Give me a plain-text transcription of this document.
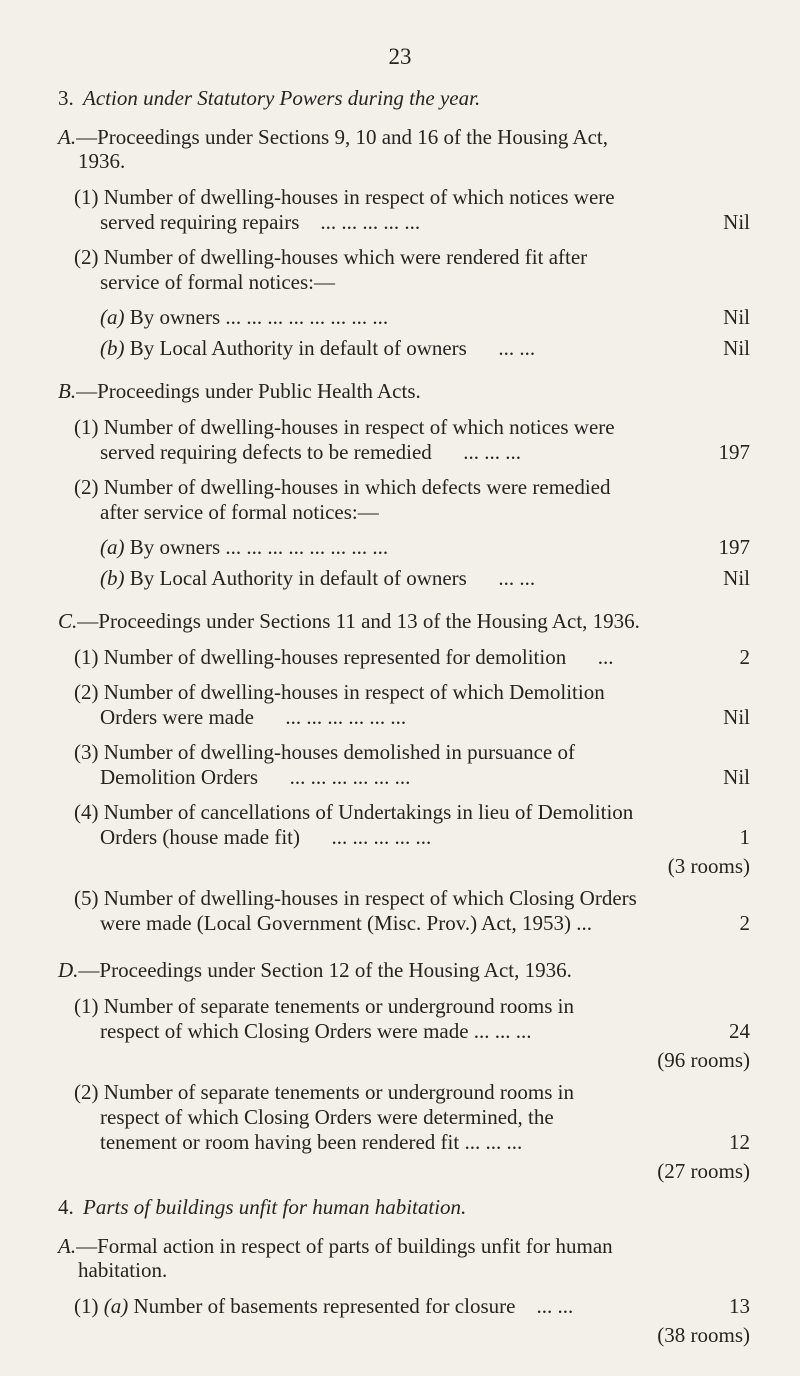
23
3. Action under Statutory Powers during the year.
A.—Proceedings under Sections 9, 10 and 16 of the Housing Act,
1936.
(1) Number of dwelling-houses in respect of which notices were
served requiring repairs ... ... ... ... ...	Nil
(2) Number of dwelling-houses which were rendered fit after
service of formal notices:—
(a) By owners ... ... ... ... ... ... ... ...	Nil
(b) By Local Authority in default of owners ... ...	Nil
B.—Proceedings under Public Health Acts.
(1) Number of dwelling-houses in respect of which notices were
served requiring defects to be remedied ... ... ...	197
(2) Number of dwelling-houses in which defects were remedied
after service of formal notices:—
(a) By owners ... ... ... ... ... ... ... ...	197
(b) By Local Authority in default of owners ... ...	Nil
C.—Proceedings under Sections 11 and 13 of the Housing Act, 1936.
(1) Number of dwelling-houses represented for demolition ...	2
(2) Number of dwelling-houses in respect of which Demolition
Orders were made ... ... ... ... ... ...	Nil
(3) Number of dwelling-houses demolished in pursuance of
Demolition Orders ... ... ... ... ... ...	Nil
(4) Number of cancellations of Undertakings in lieu of Demolition
Orders (house made fit) ... ... ... ... ...	1
(3 rooms)
(5) Number of dwelling-houses in respect of which Closing Orders
were made (Local Government (Misc. Prov.) Act, 1953) ...	2
D.—Proceedings under Section 12 of the Housing Act, 1936.
(1) Number of separate tenements or underground rooms in
respect of which Closing Orders were made ... ... ...	24
(96 rooms)
(2) Number of separate tenements or underground rooms in
respect of which Closing Orders were determined, the
tenement or room having been rendered fit ... ... ...	12
(27 rooms)
4. Parts of buildings unfit for human habitation.
A.—Formal action in respect of parts of buildings unfit for human
habitation.
(1) (a) Number of basements represented for closure ... ...	13
(38 rooms)
